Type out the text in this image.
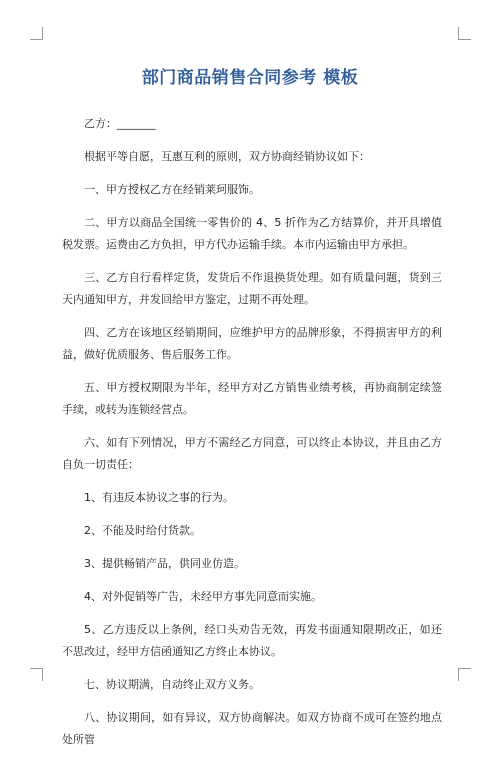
部门商品销售合同参考 模板

乙方：_______

根据平等自愿，互惠互利的原则，双方协商经销协议如下：

一、甲方授权乙方在经销莱珂服饰。

二、甲方以商品全国统一零售价的 4、5 折作为乙方结算价，并开具增值税发票。运费由乙方负担，甲方代办运输手续。本市内运输由甲方承担。

三、乙方自行看样定货，发货后不作退换货处理。如有质量问题，货到三天内通知甲方，并发回给甲方鉴定，过期不再处理。

四、乙方在该地区经销期间，应维护甲方的品牌形象，不得损害甲方的利益，做好优质服务、售后服务工作。

五、甲方授权期限为半年，经甲方对乙方销售业绩考核，再协商制定续签手续，或转为连锁经营点。

六、如有下列情况，甲方不需经乙方同意，可以终止本协议，并且由乙方自负一切责任：

1、有违反本协议之事的行为。

2、不能及时给付货款。

3、提供畅销产品，供同业仿造。

4、对外促销等广告，未经甲方事先同意而实施。

5、乙方违反以上条例，经口头劝告无效，再发书面通知限期改正，如还不思改过，经甲方信函通知乙方终止本协议。

七、协议期满，自动终止双方义务。

八、协议期间，如有异议，双方协商解决。如双方协商不成可在签约地点处所管
